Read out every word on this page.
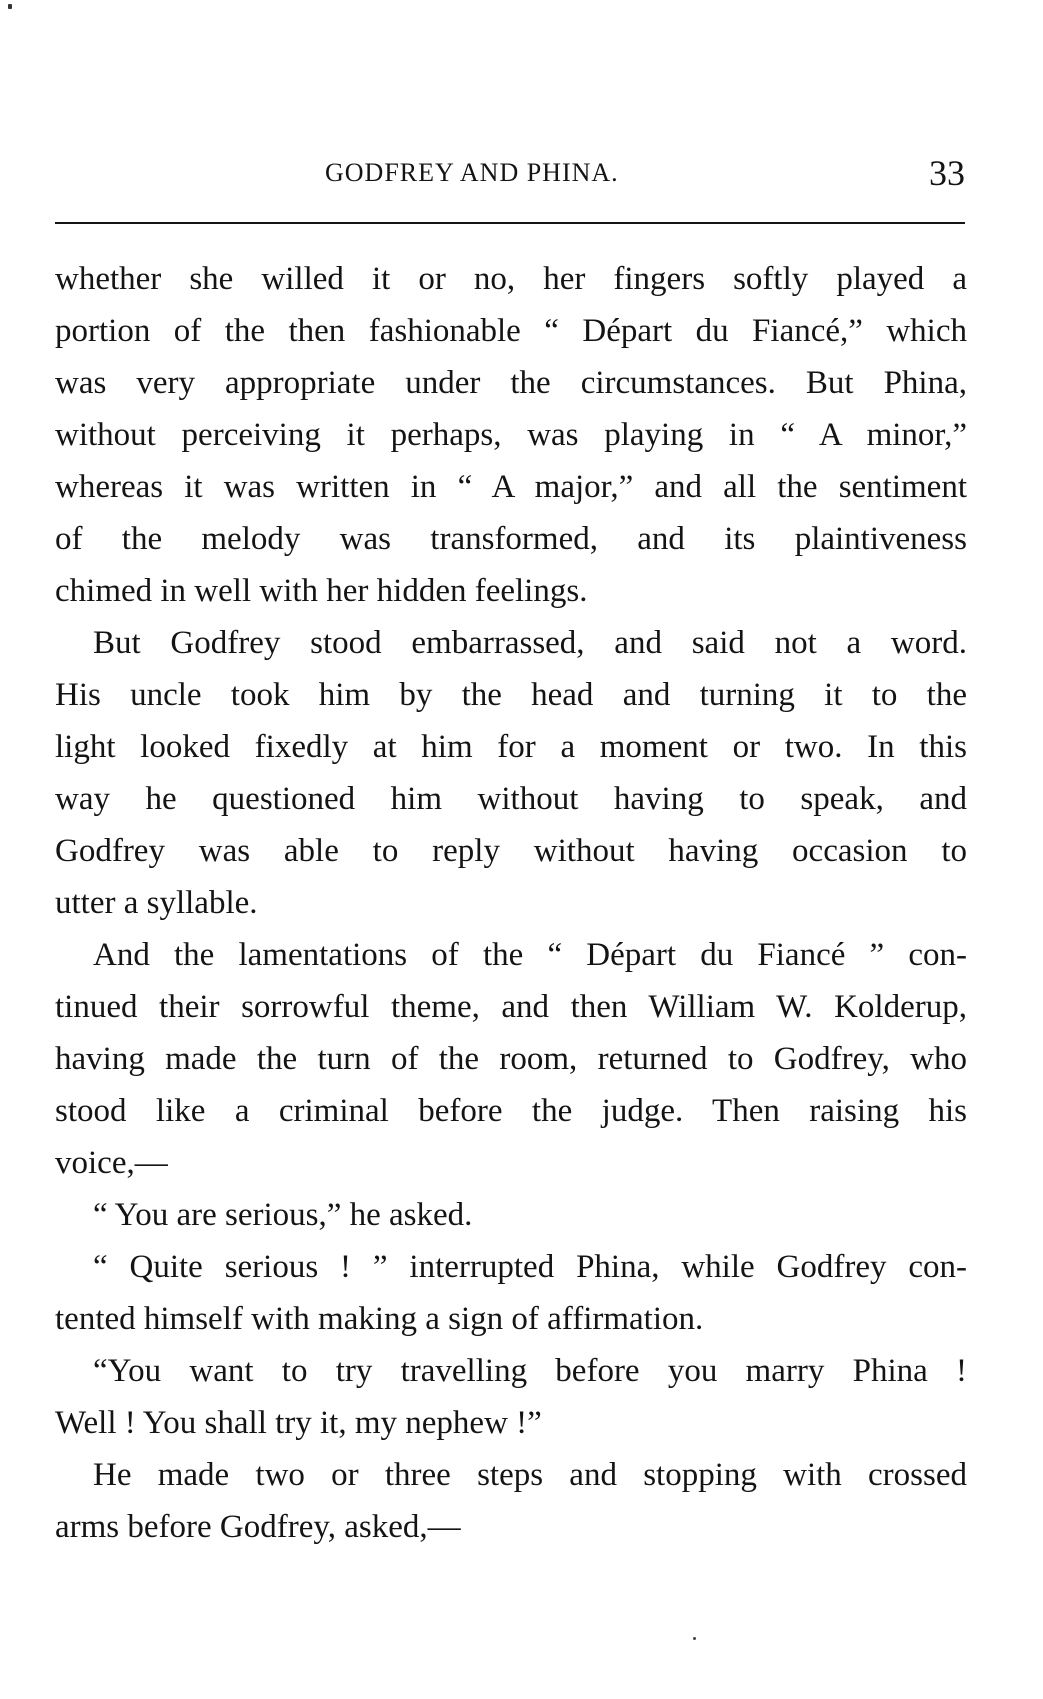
GODFREY AND PHINA.	33
whether she willed it or no, her fingers softly played a
portion of the then fashionable “ Départ du Fiancé,” which
was very appropriate under the circumstances. But Phina,
without perceiving it perhaps, was playing in “ A minor,”
whereas it was written in “ A major,” and all the sentiment
of the melody was transformed, and its plaintiveness
chimed in well with her hidden feelings.
But Godfrey stood embarrassed, and said not a word.
His uncle took him by the head and turning it to the
light looked fixedly at him for a moment or two. In this
way he questioned him without having to speak, and
Godfrey was able to reply without having occasion to
utter a syllable.
And the lamentations of the “ Départ du Fiancé ” con-
tinued their sorrowful theme, and then William W. Kolderup,
having made the turn of the room, returned to Godfrey, who
stood like a criminal before the judge. Then raising his
voice,—
“ You are serious,” he asked.
“ Quite serious ! ” interrupted Phina, while Godfrey con-
tented himself with making a sign of affirmation.
“You want to try travelling before you marry Phina !
Well ! You shall try it, my nephew !”
He made two or three steps and stopping with crossed
arms before Godfrey, asked,—
